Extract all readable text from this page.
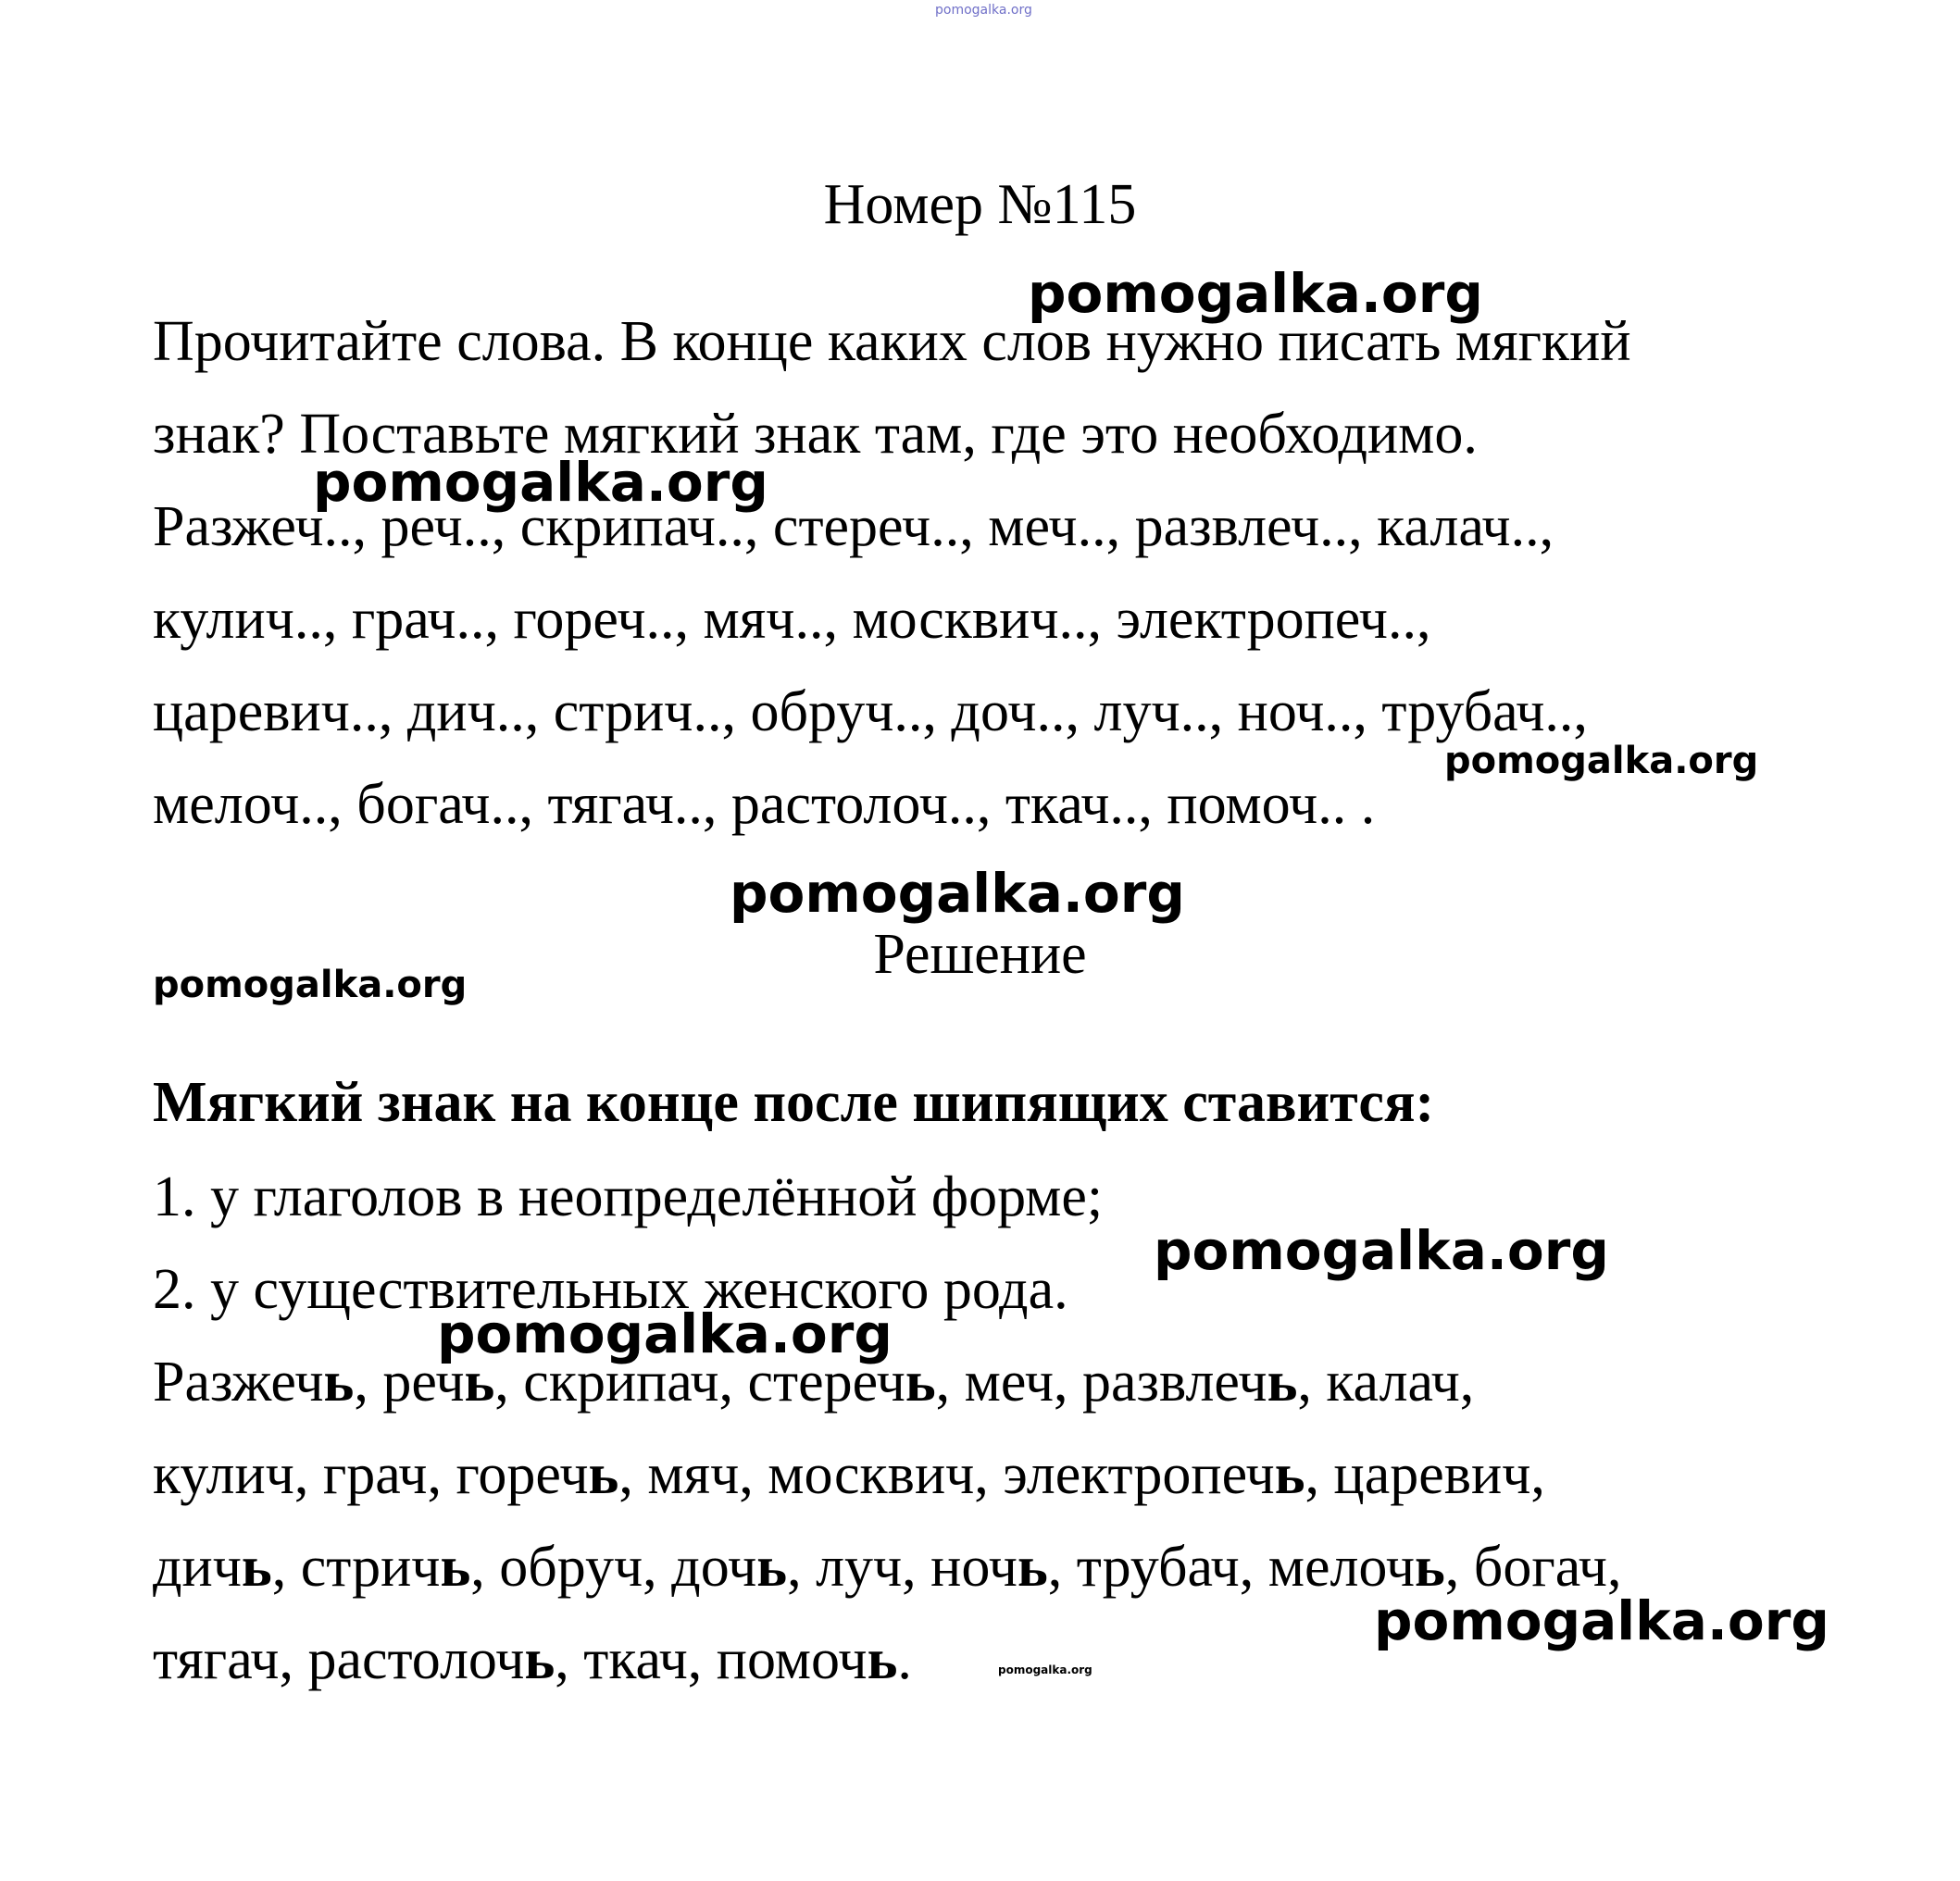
pomogalka.org
Номер №115
Прочитайте слова. В конце каких слов нужно писать мягкий
знак? Поставьте мягкий знак там, где это необходимо.
Разжеч.., реч.., скрипач.., стереч.., меч.., развлеч.., калач..,
кулич.., грач.., гореч.., мяч.., москвич.., электропеч..,
царевич.., дич.., стрич.., обруч.., доч.., луч.., ноч.., трубач..,
мелоч.., богач.., тягач.., растолоч.., ткач.., помоч.. .
Решение
Мягкий знак на конце после шипящих ставится:
1. у глаголов в неопределённой форме;
2. у существительных женского рода.
Разжечь, речь, скрипач, стеречь, меч, развлечь, калач,
кулич, грач, горечь, мяч, москвич, электропечь, царевич,
дичь, стричь, обруч, дочь, луч, ночь, трубач, мелочь, богач,
тягач, растолочь, ткач, помочь.
pomogalka.org
pomogalka.org
pomogalka.org
pomogalka.org
pomogalka.org
pomogalka.org
pomogalka.org
pomogalka.org
pomogalka.org
